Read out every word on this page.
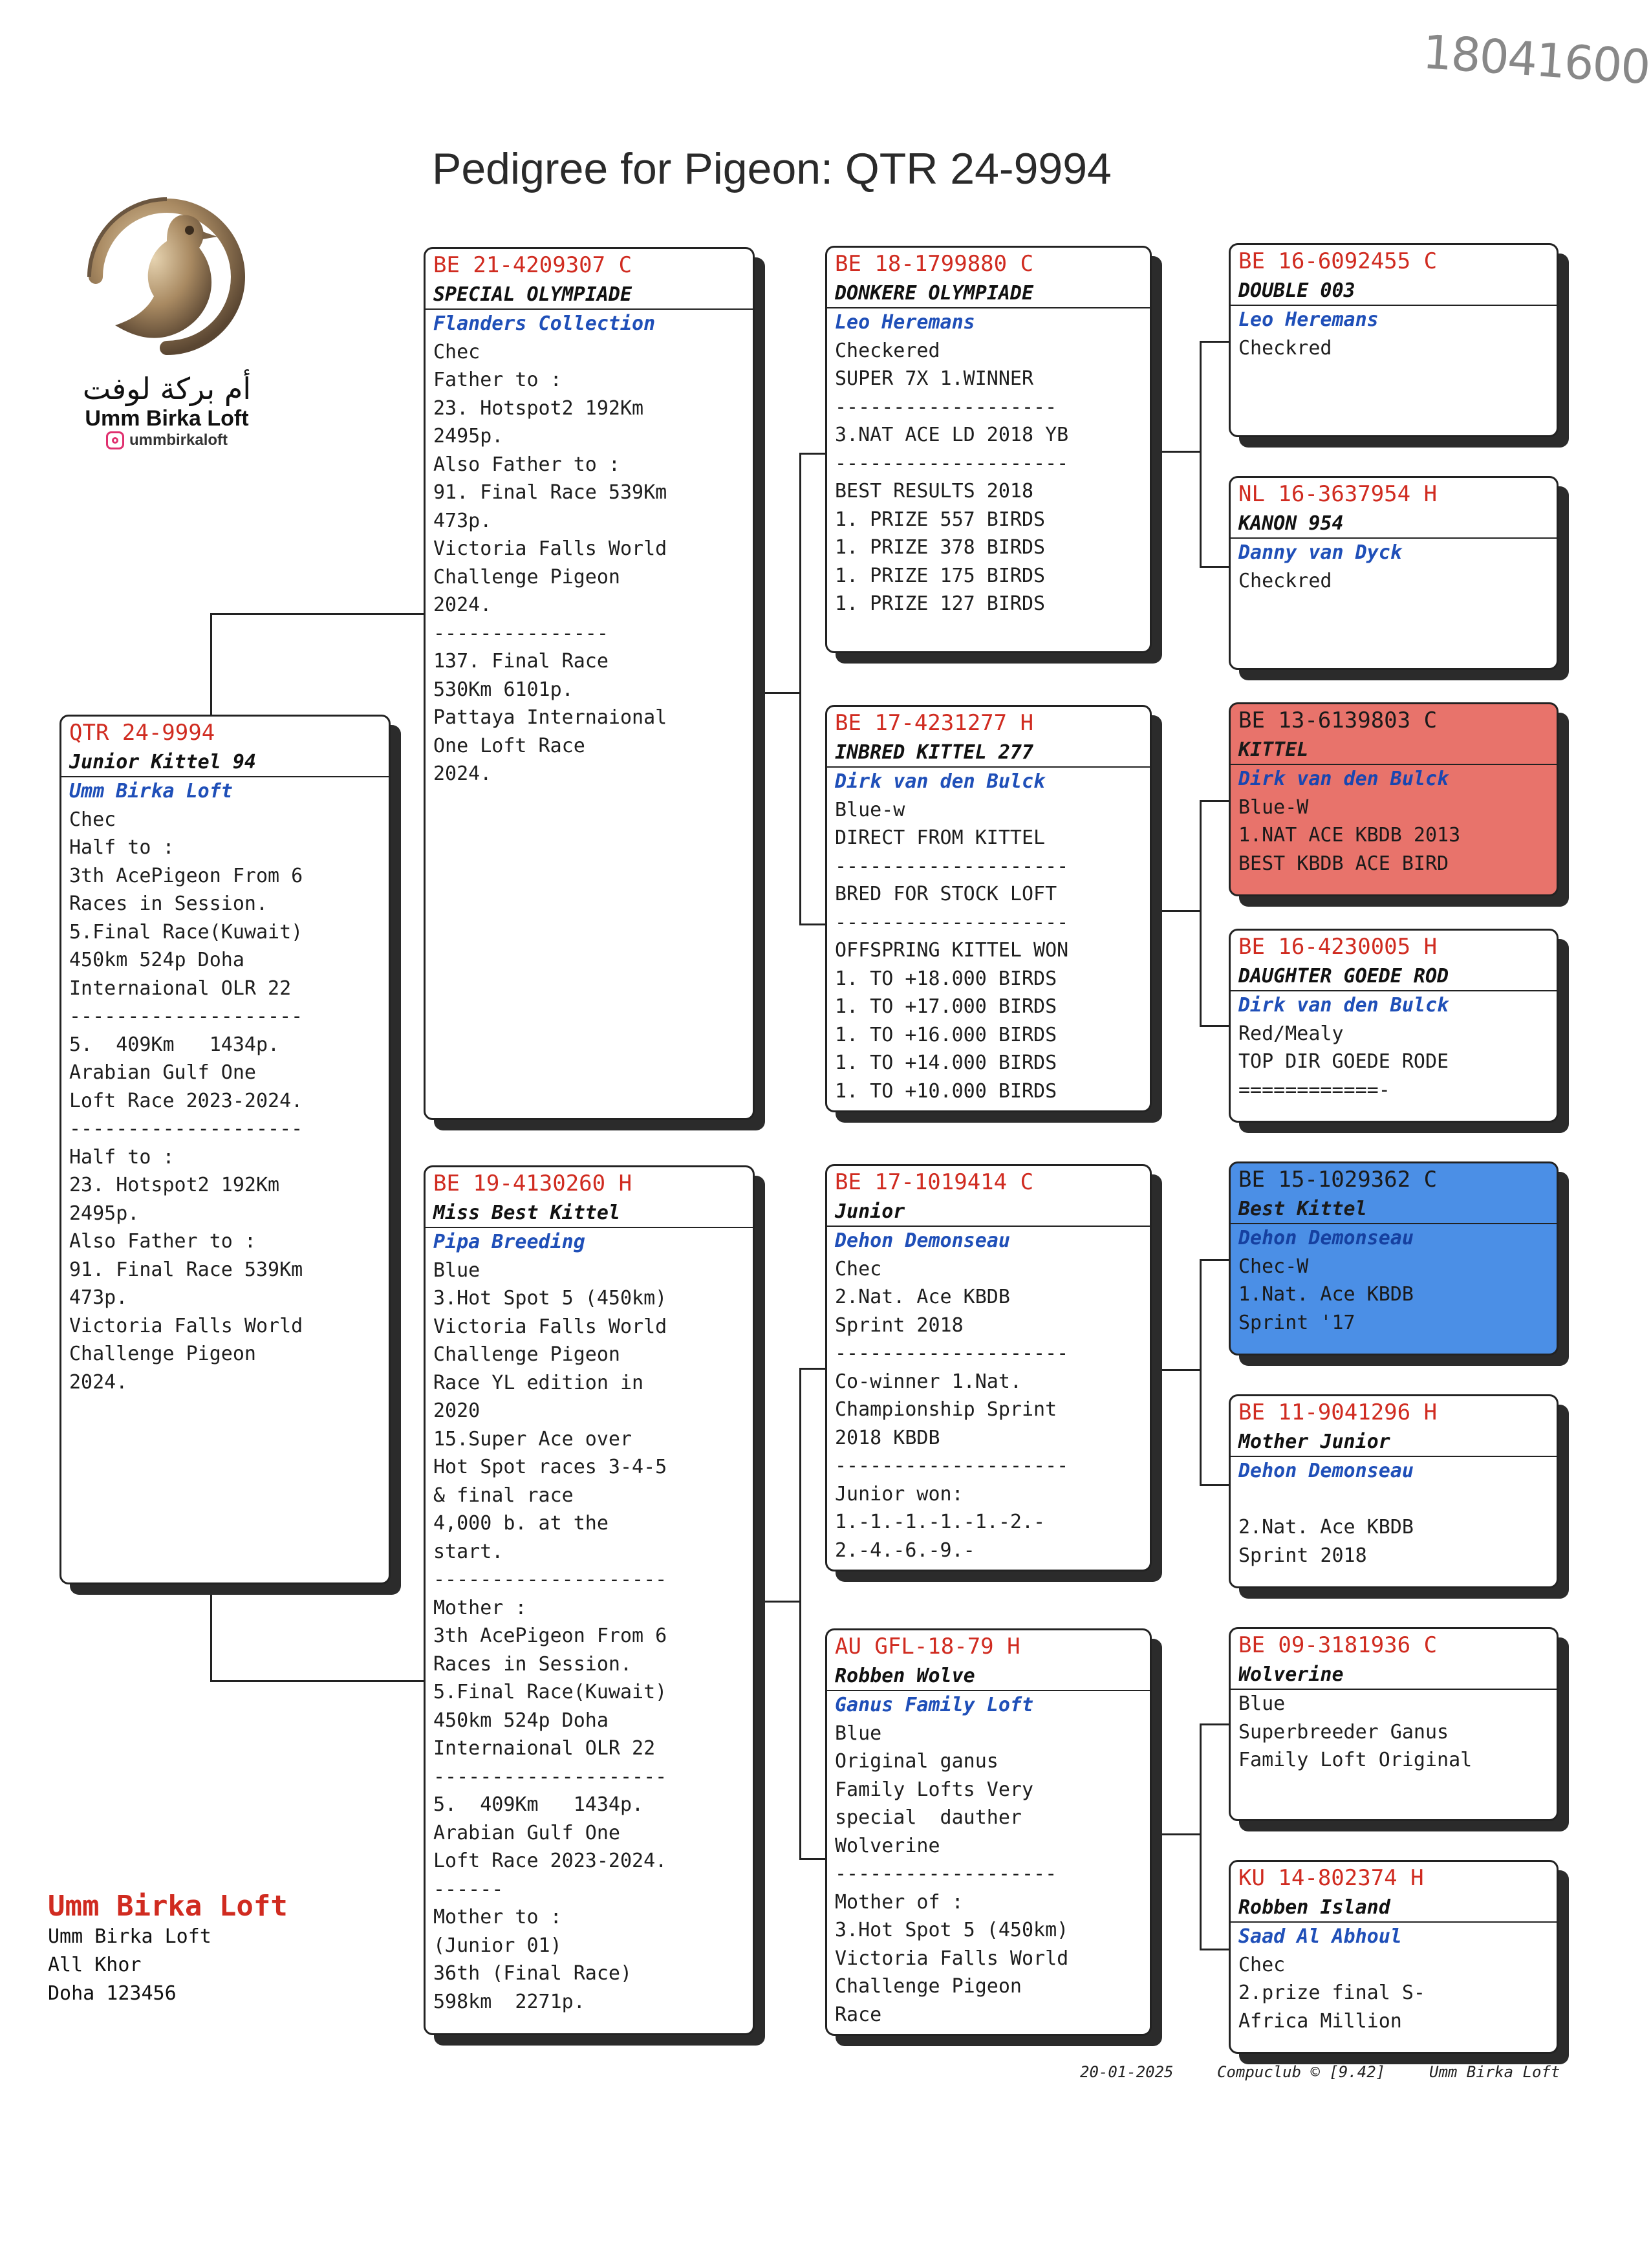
Pedigree for Pigeon: QTR 24-9994
18041600
أم بركة لوفت
Umm Birka Loft
ummbirkaloft
QTR 24-9994
Junior Kittel 94
Umm Birka Loft
Chec
Half to :
3th AcePigeon From 6
Races in Session.
5.Final Race(Kuwait)
450km 524p Doha
Internaional OLR 22
--------------------
5.  409Km   1434p.
Arabian Gulf One
Loft Race 2023-2024.
--------------------
Half to :
23. Hotspot2 192Km
2495p.
Also Father to :
91. Final Race 539Km
473p.
Victoria Falls World
Challenge Pigeon
2024.
BE 21-4209307 C
SPECIAL OLYMPIADE
Flanders Collection
Chec
Father to :
23. Hotspot2 192Km
2495p.
Also Father to :
91. Final Race 539Km
473p.
Victoria Falls World
Challenge Pigeon
2024.
---------------
137. Final Race
530Km 6101p.
Pattaya Internaional
One Loft Race
2024.
BE 19-4130260 H
Miss Best Kittel
Pipa Breeding
Blue
3.Hot Spot 5 (450km)
Victoria Falls World
Challenge Pigeon
Race YL edition in
2020
15.Super Ace over
Hot Spot races 3-4-5
& final race
4,000 b. at the
start.
--------------------
Mother :
3th AcePigeon From 6
Races in Session.
5.Final Race(Kuwait)
450km 524p Doha
Internaional OLR 22
--------------------
5.  409Km   1434p.
Arabian Gulf One
Loft Race 2023-2024.
------
Mother to :
(Junior 01)
36th (Final Race)
598km  2271p.
BE 18-1799880 C
DONKERE OLYMPIADE
Leo Heremans
Checkered
SUPER 7X 1.WINNER
-------------------
3.NAT ACE LD 2018 YB
--------------------
BEST RESULTS 2018
1. PRIZE 557 BIRDS
1. PRIZE 378 BIRDS
1. PRIZE 175 BIRDS
1. PRIZE 127 BIRDS
BE 17-4231277 H
INBRED KITTEL 277
Dirk van den Bulck
Blue-w
DIRECT FROM KITTEL
--------------------
BRED FOR STOCK LOFT
--------------------
OFFSPRING KITTEL WON
1. TO +18.000 BIRDS
1. TO +17.000 BIRDS
1. TO +16.000 BIRDS
1. TO +14.000 BIRDS
1. TO +10.000 BIRDS
BE 17-1019414 C
Junior
Dehon Demonseau
Chec
2.Nat. Ace KBDB
Sprint 2018
--------------------
Co-winner 1.Nat.
Championship Sprint
2018 KBDB
--------------------
Junior won:
1.-1.-1.-1.-1.-2.-
2.-4.-6.-9.-
AU GFL-18-79 H
Robben Wolve
Ganus Family Loft
Blue
Original ganus
Family Lofts Very
special  dauther
Wolverine
-------------------
Mother of :
3.Hot Spot 5 (450km)
Victoria Falls World
Challenge Pigeon
Race
BE 16-6092455 C
DOUBLE 003
Leo Heremans
Checkred
NL 16-3637954 H
KANON 954
Danny van Dyck
Checkred
BE 13-6139803 C
KITTEL
Dirk van den Bulck
Blue-W
1.NAT ACE KBDB 2013
BEST KBDB ACE BIRD
BE 16-4230005 H
DAUGHTER GOEDE ROD
Dirk van den Bulck
Red/Mealy
TOP DIR GOEDE RODE
============-
BE 15-1029362 C
Best Kittel
Dehon Demonseau
Chec-W
1.Nat. Ace KBDB
Sprint '17
BE 11-9041296 H
Mother Junior
Dehon Demonseau
2.Nat. Ace KBDB
Sprint 2018
BE 09-3181936 C
Wolverine
Blue
Superbreeder Ganus
Family Loft Original
KU 14-802374 H
Robben Island
Saad Al Abhoul
Chec
2.prize final S-
Africa Million
Umm Birka Loft
Umm Birka Loft
All Khor
Doha 123456
20-01-2025	Compuclub © [9.42]	Umm Birka Loft
